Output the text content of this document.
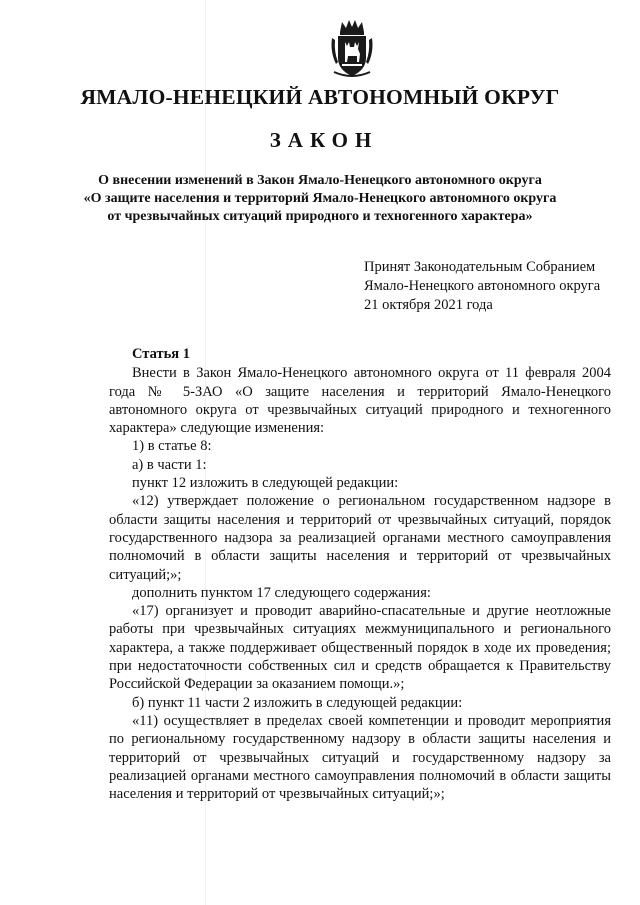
ЯМАЛО-НЕНЕЦКИЙ АВТОНОМНЫЙ ОКРУГ
ЗАКОН
О внесении изменений в Закон Ямало-Ненецкого автономного округа
«О защите населения и территорий Ямало-Ненецкого автономного округа
от чрезвычайных ситуаций природного и техногенного характера»
Принят Законодательным Собранием
Ямало-Ненецкого автономного округа
21 октября 2021 года
Статья 1

Внести в Закон Ямало-Ненецкого автономного округа от 11 февраля 2004 года № 5-ЗАО «О защите населения и территорий Ямало-Ненецкого автономного округа от чрезвычайных ситуаций природного и техногенного характера» следующие изменения:

1) в статье 8:

а) в части 1:

пункт 12 изложить в следующей редакции:

«12) утверждает положение о региональном государственном надзоре в области защиты населения и территорий от чрезвычайных ситуаций, порядок государственного надзора за реализацией органами местного самоуправления полномочий в области защиты населения и территорий от чрезвычайных ситуаций;»;

дополнить пунктом 17 следующего содержания:

«17) организует и проводит аварийно-спасательные и другие неотложные работы при чрезвычайных ситуациях межмуниципального и регионального характера, а также поддерживает общественный порядок в ходе их проведения; при недостаточности собственных сил и средств обращается к Правительству Российской Федерации за оказанием помощи.»;

б) пункт 11 части 2 изложить в следующей редакции:

«11) осуществляет в пределах своей компетенции и проводит мероприятия по региональному государственному надзору в области защиты населения и территорий от чрезвычайных ситуаций и государственному надзору за реализацией органами местного самоуправления полномочий в области защиты населения и территорий от чрезвычайных ситуаций;»;
